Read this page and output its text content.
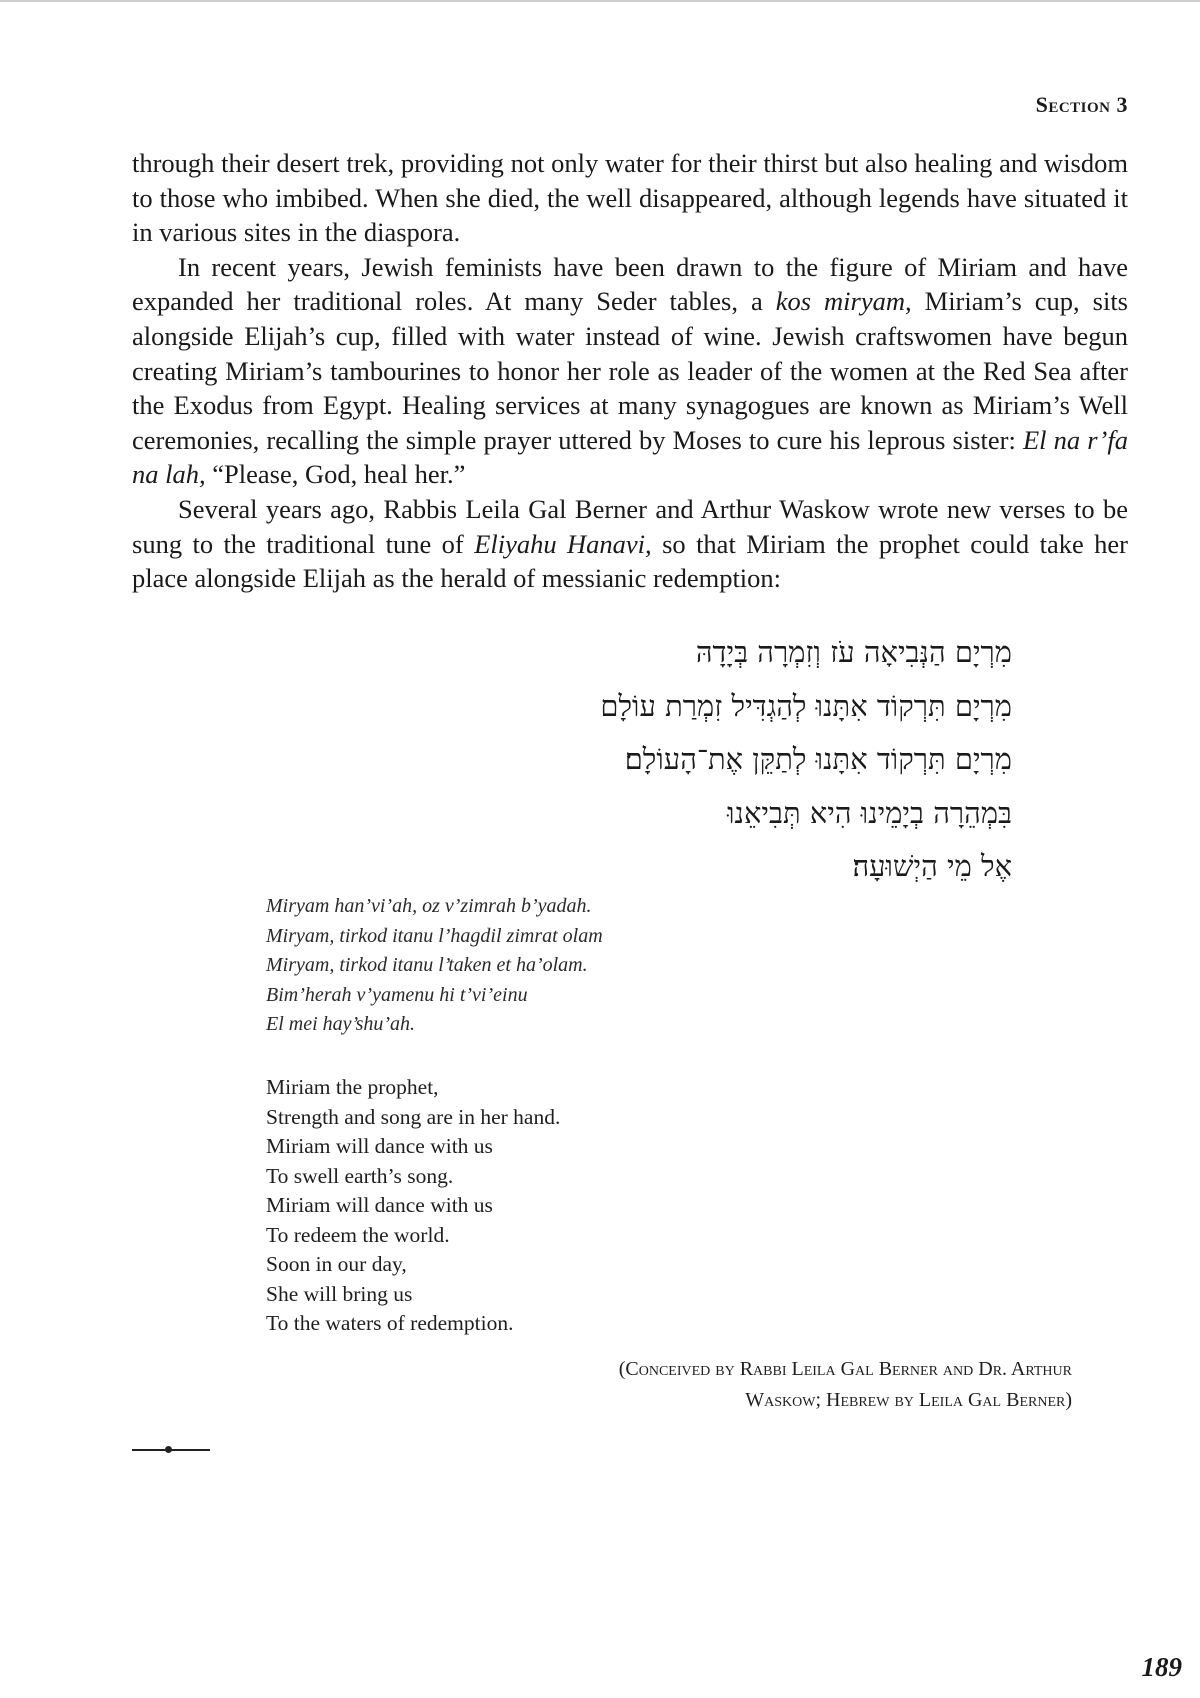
Section 3

through their desert trek, providing not only water for their thirst but also healing and wisdom to those who imbibed. When she died, the well disappeared, although legends have situated it in various sites in the diaspora.

In recent years, Jewish feminists have been drawn to the figure of Miriam and have expanded her traditional roles. At many Seder tables, a kos miryam, Miriam’s cup, sits alongside Elijah’s cup, filled with water instead of wine. Jewish craftswomen have begun creating Miriam’s tambourines to honor her role as leader of the women at the Red Sea after the Exodus from Egypt. Healing services at many synagogues are known as Miriam’s Well ceremonies, recalling the simple prayer uttered by Moses to cure his leprous sister: El na r’fa na lah, “Please, God, heal her.”

Several years ago, Rabbis Leila Gal Berner and Arthur Waskow wrote new verses to be sung to the traditional tune of Eliyahu Hanavi, so that Miriam the prophet could take her place alongside Elijah as the herald of messianic redemption:

מִרְיָם הַנְּבִיאָה עֹז וְזִמְרָה בְּיָדָהּ
מִרְיָם תִּרְקוֹד אִתָּנוּ לְהַגְדִּיל זִמְרַת עוֹלָם
מִרְיָם תִּרְקוֹד אִתָּנוּ לְתַקֵּן אֶת־הָעוֹלָם׃
בִּמְהֵרָה בְיָמֵינוּ הִיא תְּבִיאֵנוּ
אֶל מֵי הַיְשׁוּעָה׃
Miryam han’vi’ah, oz v’zimrah b’yadah.
Miryam, tirkod itanu l’hagdil zimrat olam
Miryam, tirkod itanu l’taken et ha’olam.
Bim’herah v’yamenu hi t’vi’einu
El mei hay’shu’ah.
Miriam the prophet,
Strength and song are in her hand.
Miriam will dance with us
To swell earth’s song.
Miriam will dance with us
To redeem the world.
Soon in our day,
She will bring us
To the waters of redemption.
(Conceived by Rabbi Leila Gal Berner and Dr. Arthur
Waskow; Hebrew by Leila Gal Berner)
189
